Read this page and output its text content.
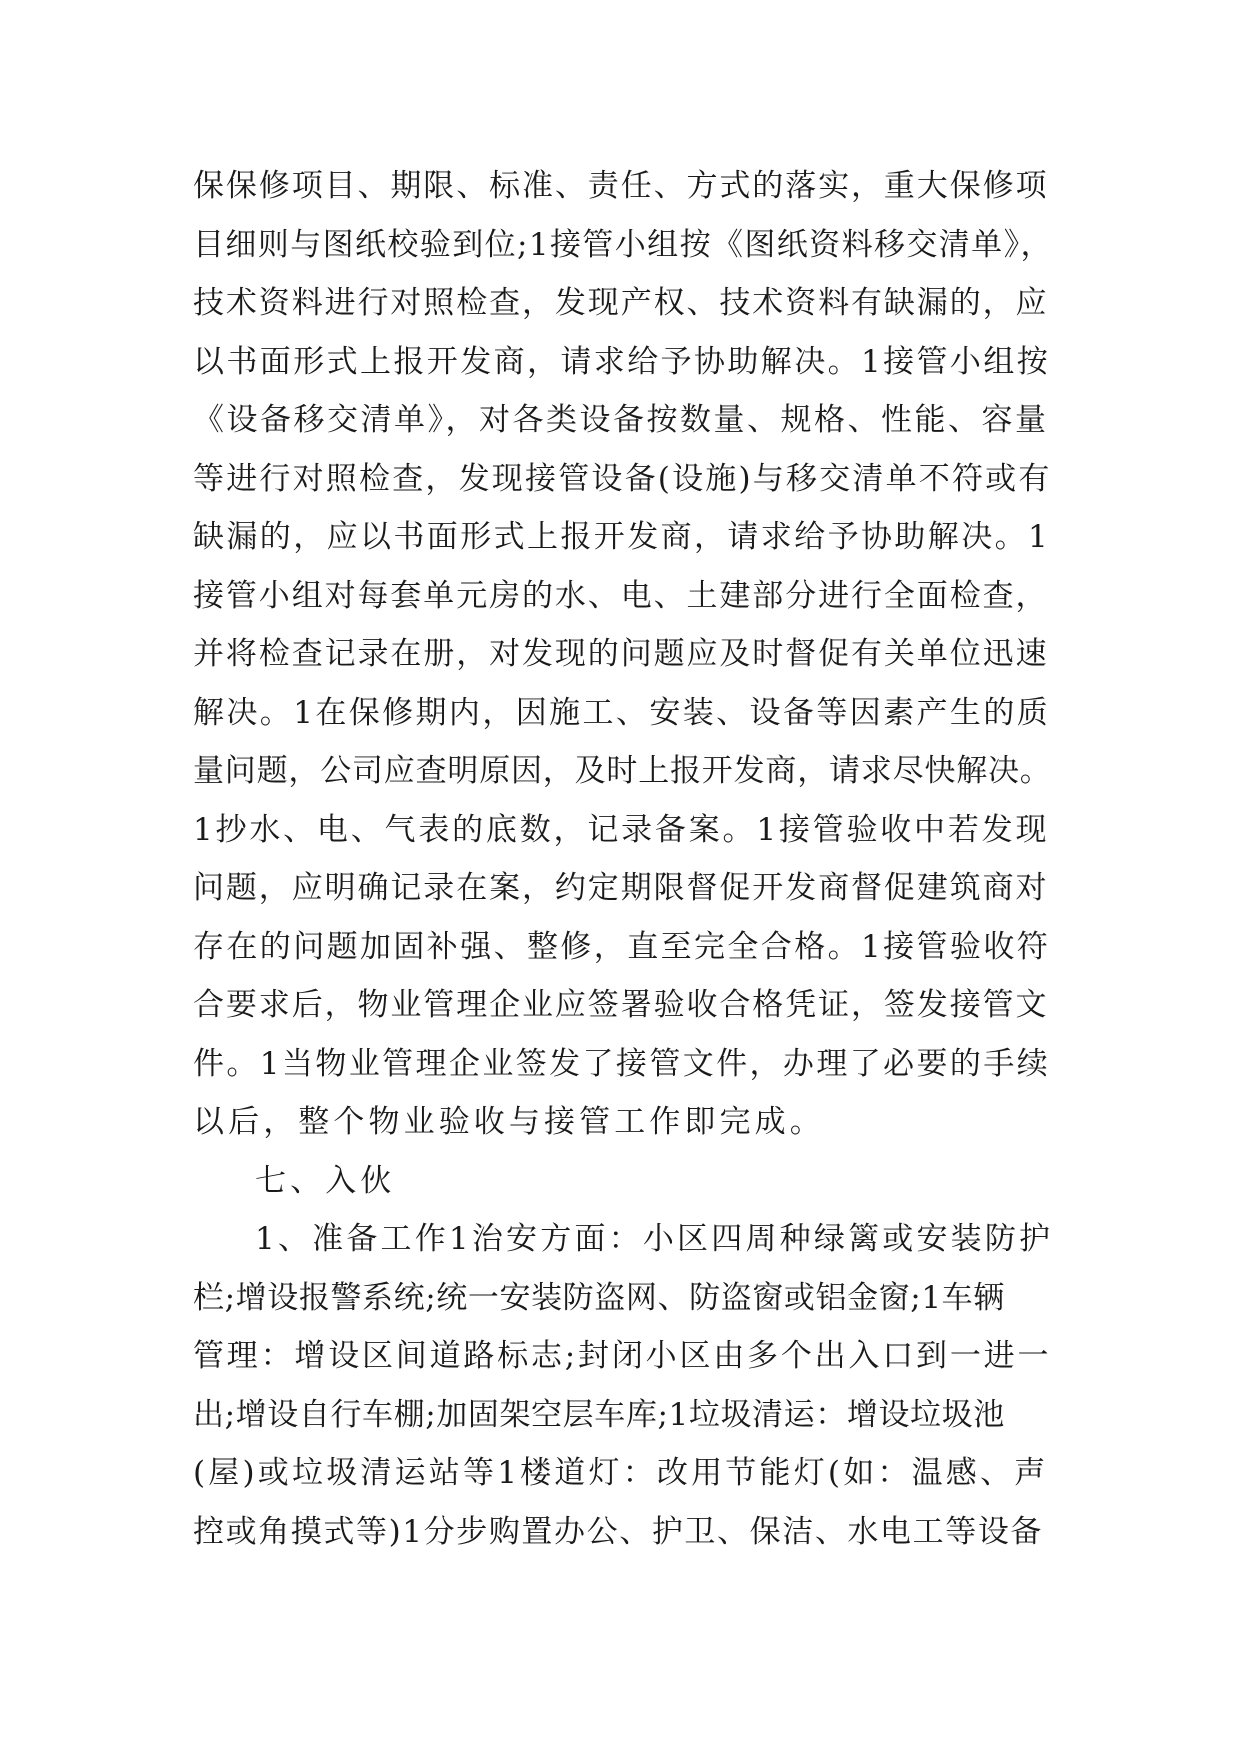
保保修项目、期限、标准、责任、方式的落实，重大保修项
目细则与图纸校验到位;1接管小组按《图纸资料移交清单》，
技术资料进行对照检查，发现产权、技术资料有缺漏的，应
以书面形式上报开发商，请求给予协助解决。1接管小组按
《设备移交清单》，对各类设备按数量、规格、性能、容量
等进行对照检查，发现接管设备(设施)与移交清单不符或有
缺漏的，应以书面形式上报开发商，请求给予协助解决。1
接管小组对每套单元房的水、电、土建部分进行全面检查，
并将检查记录在册，对发现的问题应及时督促有关单位迅速
解决。1在保修期内，因施工、安装、设备等因素产生的质
量问题，公司应查明原因，及时上报开发商，请求尽快解决。
1抄水、电、气表的底数，记录备案。1接管验收中若发现
问题，应明确记录在案，约定期限督促开发商督促建筑商对
存在的问题加固补强、整修，直至完全合格。1接管验收符
合要求后，物业管理企业应签署验收合格凭证，签发接管文
件。1当物业管理企业签发了接管文件，办理了必要的手续
以后，整个物业验收与接管工作即完成。
七、入伙
1、准备工作1治安方面：小区四周种绿篱或安装防护
栏;增设报警系统;统一安装防盗网、防盗窗或铝金窗;1车辆
管理：增设区间道路标志;封闭小区由多个出入口到一进一
出;增设自行车棚;加固架空层车库;1垃圾清运：增设垃圾池
(屋)或垃圾清运站等1楼道灯：改用节能灯(如：温感、声
控或角摸式等)1分步购置办公、护卫、保洁、水电工等设备
